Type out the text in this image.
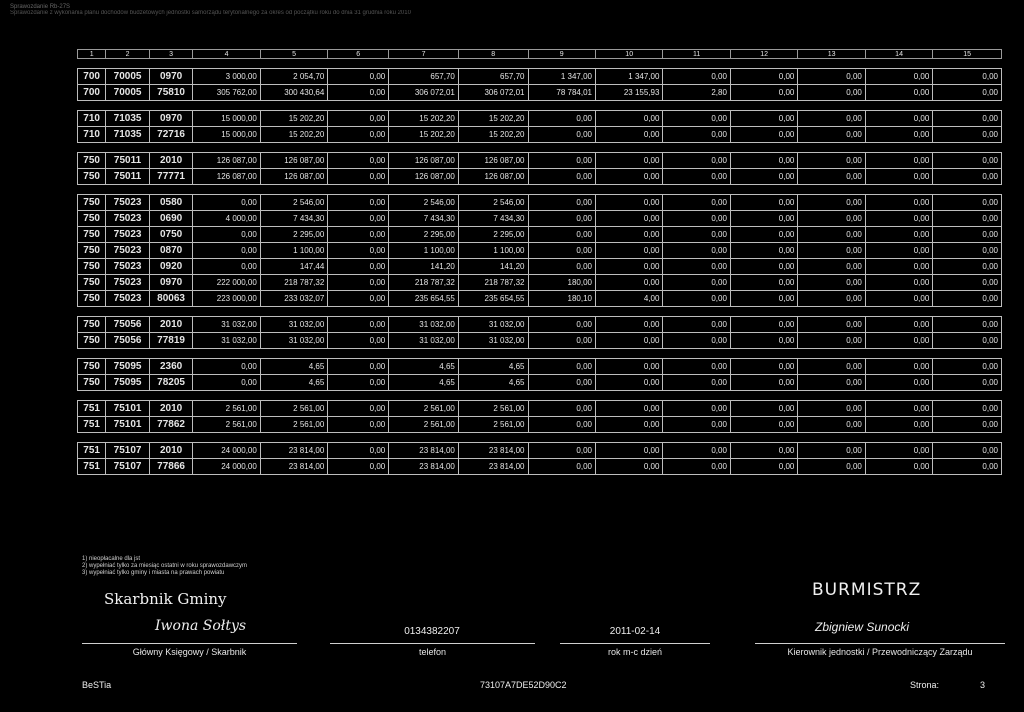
Sprawozdanie Rb-27S
Sprawozdanie z wykonania planu dochodów budżetowych jednostki samorządu terytorialnego za okres od początku roku do dnia 31 grudnia roku 2010
1	2	3	4	5	6	7	8	9	10	11	12	13	14	15

700	70005	0970	3 000,00	2 054,70	0,00	657,70	657,70	1 347,00	1 347,00	0,00	0,00	0,00	0,00	0,00
700	70005	75810	305 762,00	300 430,64	0,00	306 072,01	306 072,01	78 784,01	23 155,93	2,80	0,00	0,00	0,00	0,00

710	71035	0970	15 000,00	15 202,20	0,00	15 202,20	15 202,20	0,00	0,00	0,00	0,00	0,00	0,00	0,00
710	71035	72716	15 000,00	15 202,20	0,00	15 202,20	15 202,20	0,00	0,00	0,00	0,00	0,00	0,00	0,00

750	75011	2010	126 087,00	126 087,00	0,00	126 087,00	126 087,00	0,00	0,00	0,00	0,00	0,00	0,00	0,00
750	75011	77771	126 087,00	126 087,00	0,00	126 087,00	126 087,00	0,00	0,00	0,00	0,00	0,00	0,00	0,00

750	75023	0580	0,00	2 546,00	0,00	2 546,00	2 546,00	0,00	0,00	0,00	0,00	0,00	0,00	0,00
750	75023	0690	4 000,00	7 434,30	0,00	7 434,30	7 434,30	0,00	0,00	0,00	0,00	0,00	0,00	0,00
750	75023	0750	0,00	2 295,00	0,00	2 295,00	2 295,00	0,00	0,00	0,00	0,00	0,00	0,00	0,00
750	75023	0870	0,00	1 100,00	0,00	1 100,00	1 100,00	0,00	0,00	0,00	0,00	0,00	0,00	0,00
750	75023	0920	0,00	147,44	0,00	141,20	141,20	0,00	0,00	0,00	0,00	0,00	0,00	0,00
750	75023	0970	222 000,00	218 787,32	0,00	218 787,32	218 787,32	180,00	0,00	0,00	0,00	0,00	0,00	0,00
750	75023	80063	223 000,00	233 032,07	0,00	235 654,55	235 654,55	180,10	4,00	0,00	0,00	0,00	0,00	0,00

750	75056	2010	31 032,00	31 032,00	0,00	31 032,00	31 032,00	0,00	0,00	0,00	0,00	0,00	0,00	0,00
750	75056	77819	31 032,00	31 032,00	0,00	31 032,00	31 032,00	0,00	0,00	0,00	0,00	0,00	0,00	0,00

750	75095	2360	0,00	4,65	0,00	4,65	4,65	0,00	0,00	0,00	0,00	0,00	0,00	0,00
750	75095	78205	0,00	4,65	0,00	4,65	4,65	0,00	0,00	0,00	0,00	0,00	0,00	0,00

751	75101	2010	2 561,00	2 561,00	0,00	2 561,00	2 561,00	0,00	0,00	0,00	0,00	0,00	0,00	0,00
751	75101	77862	2 561,00	2 561,00	0,00	2 561,00	2 561,00	0,00	0,00	0,00	0,00	0,00	0,00	0,00

751	75107	2010	24 000,00	23 814,00	0,00	23 814,00	23 814,00	0,00	0,00	0,00	0,00	0,00	0,00	0,00
751	75107	77866	24 000,00	23 814,00	0,00	23 814,00	23 814,00	0,00	0,00	0,00	0,00	0,00	0,00	0,00
1) nieopłacalne dla jst
2) wypełniać tylko za miesiąc ostatni w roku sprawozdawczym
3) wypełniać tylko gminy i miasta na prawach powiatu
Skarbnik Gminy
Iwona Sołtys
Główny Księgowy / Skarbnik
0134382207
telefon
2011-02-14
rok m-c dzień
BURMISTRZ
Zbigniew Sunocki
Kierownik jednostki / Przewodniczący Zarządu
BeSTia	73107A7DE52D90C2	Strona:	3
